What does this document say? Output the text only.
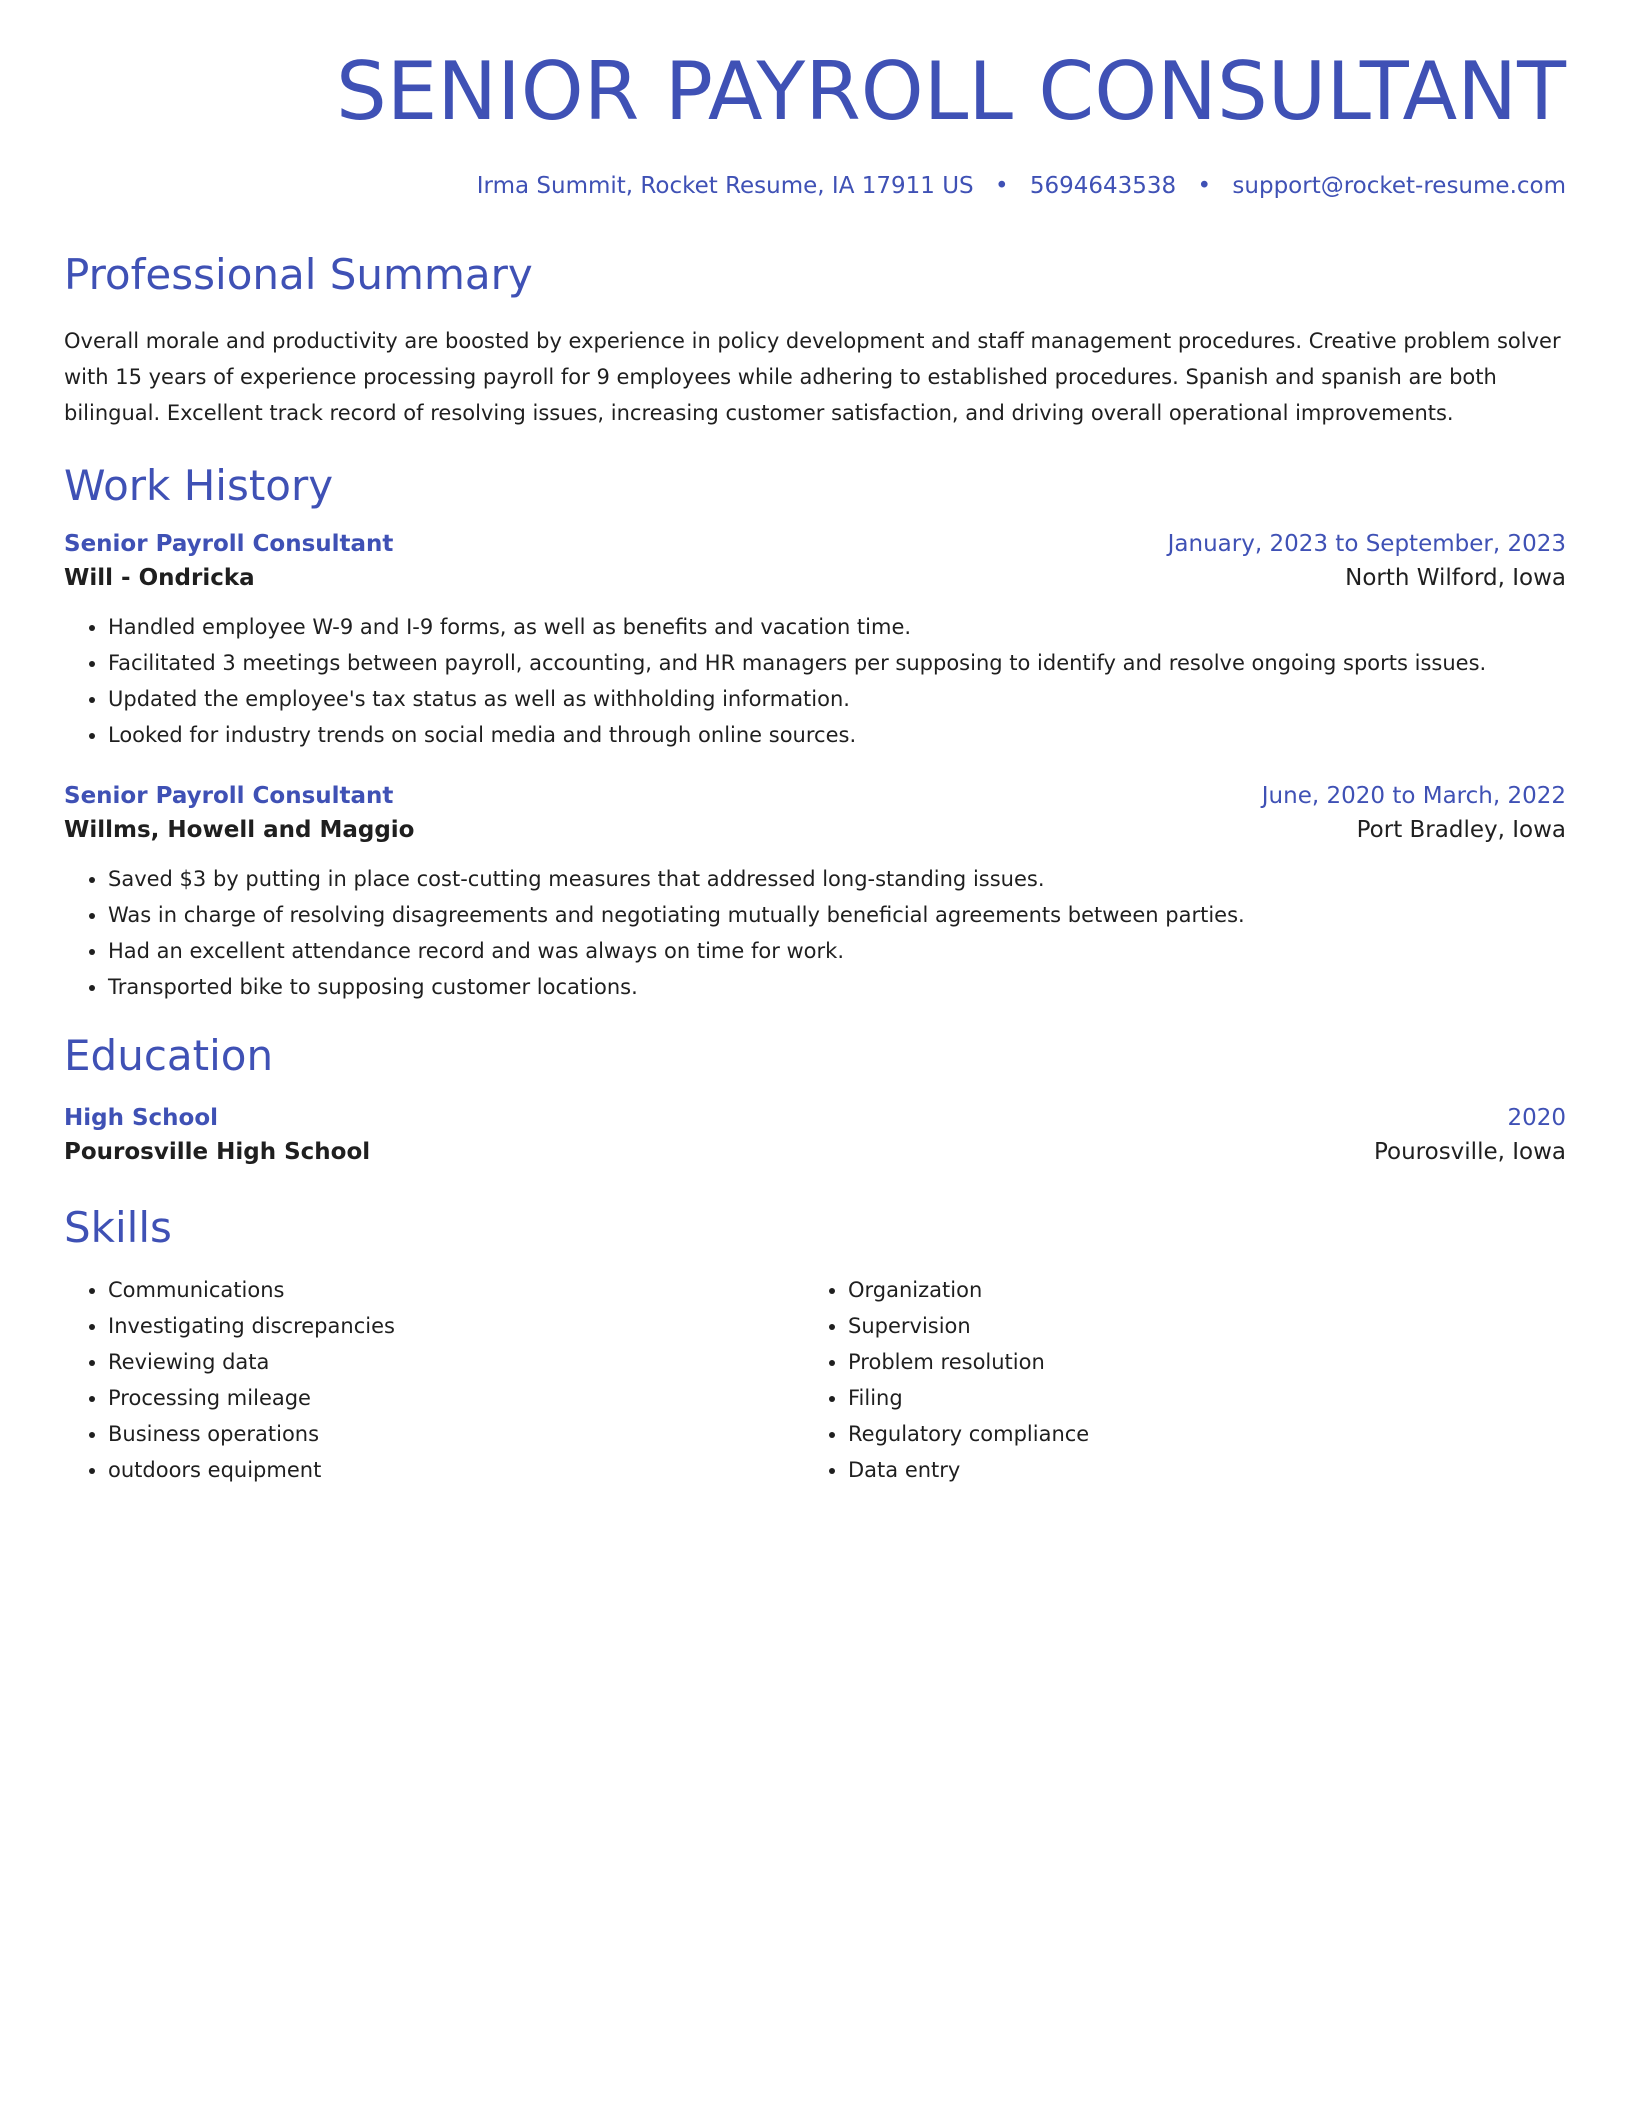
SENIOR PAYROLL CONSULTANT
Irma Summit, Rocket Resume, IA 17911 US • 5694643538 • support@rocket-resume.com
Professional Summary

Overall morale and productivity are boosted by experience in policy development and staff management procedures. Creative problem solver with 15 years of experience processing payroll for 9 employees while adhering to established procedures. Spanish and spanish are both bilingual. Excellent track record of resolving issues, increasing customer satisfaction, and driving overall operational improvements.

Work History
Senior Payroll Consultant	January, 2023 to September, 2023
Will - Ondricka	North Wilford, Iowa
• Handled employee W-9 and I-9 forms, as well as benefits and vacation time.
• Facilitated 3 meetings between payroll, accounting, and HR managers per supposing to identify and resolve ongoing sports issues.
• Updated the employee's tax status as well as withholding information.
• Looked for industry trends on social media and through online sources.
Senior Payroll Consultant	June, 2020 to March, 2022
Willms, Howell and Maggio	Port Bradley, Iowa
• Saved $3 by putting in place cost-cutting measures that addressed long-standing issues.
• Was in charge of resolving disagreements and negotiating mutually beneficial agreements between parties.
• Had an excellent attendance record and was always on time for work.
• Transported bike to supposing customer locations.
Education
High School	2020
Pourosville High School	Pourosville, Iowa
Skills
• Communications
• Investigating discrepancies
• Reviewing data
• Processing mileage
• Business operations
• outdoors equipment
• Organization
• Supervision
• Problem resolution
• Filing
• Regulatory compliance
• Data entry
